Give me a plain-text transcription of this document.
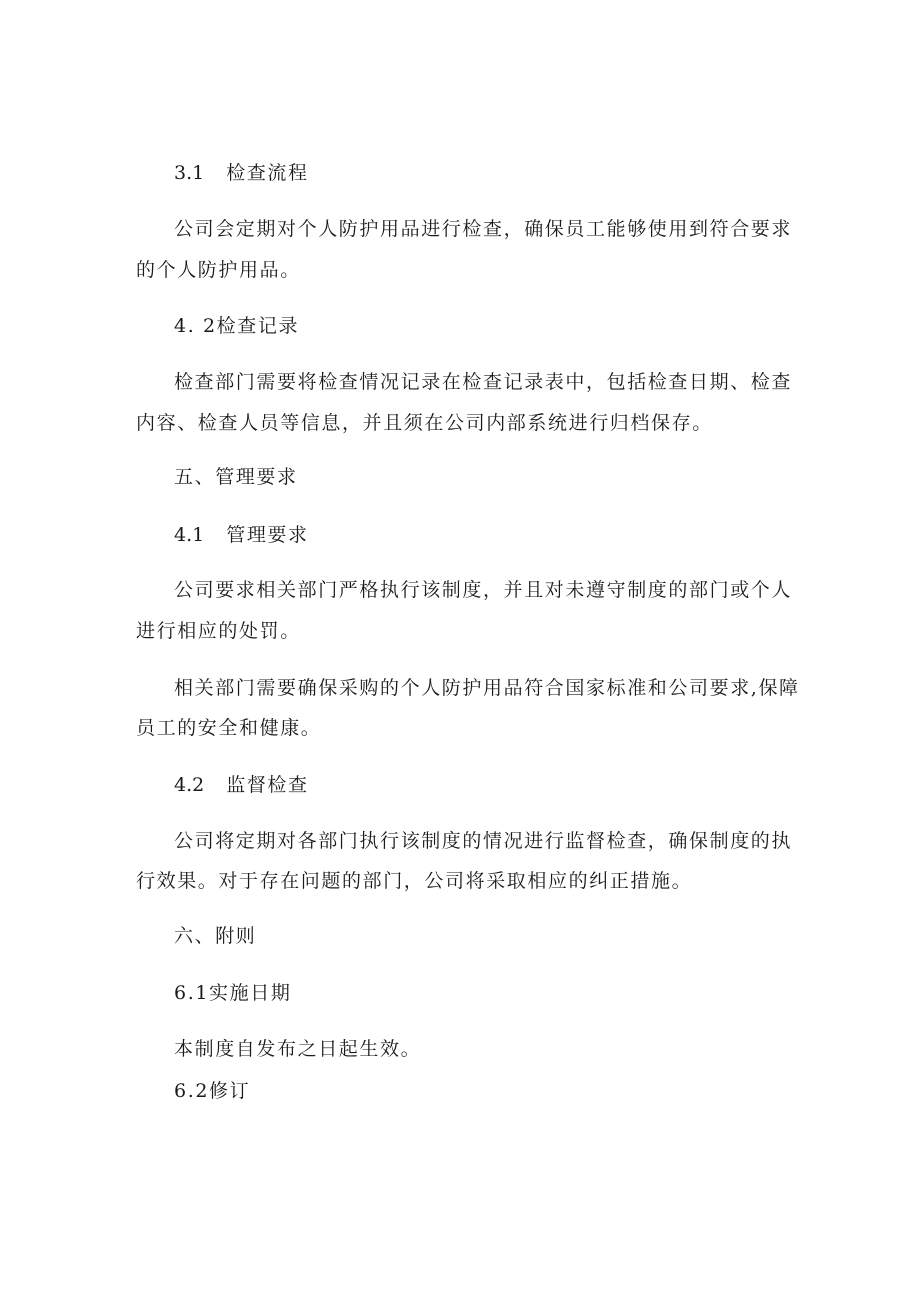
3.1 检查流程
公司会定期对个人防护用品进行检查，确保员工能够使用到符合要求
的个人防护用品。
4. 2检查记录
检查部门需要将检查情况记录在检查记录表中，包括检查日期、检查
内容、检查人员等信息，并且须在公司内部系统进行归档保存。
五、管理要求
4.1 管理要求
公司要求相关部门严格执行该制度，并且对未遵守制度的部门或个人
进行相应的处罚。
相关部门需要确保采购的个人防护用品符合国家标准和公司要求,保障
员工的安全和健康。
4.2 监督检查
公司将定期对各部门执行该制度的情况进行监督检查，确保制度的执
行效果。对于存在问题的部门，公司将采取相应的纠正措施。
六、附则
6.1实施日期
本制度自发布之日起生效。
6.2修订
